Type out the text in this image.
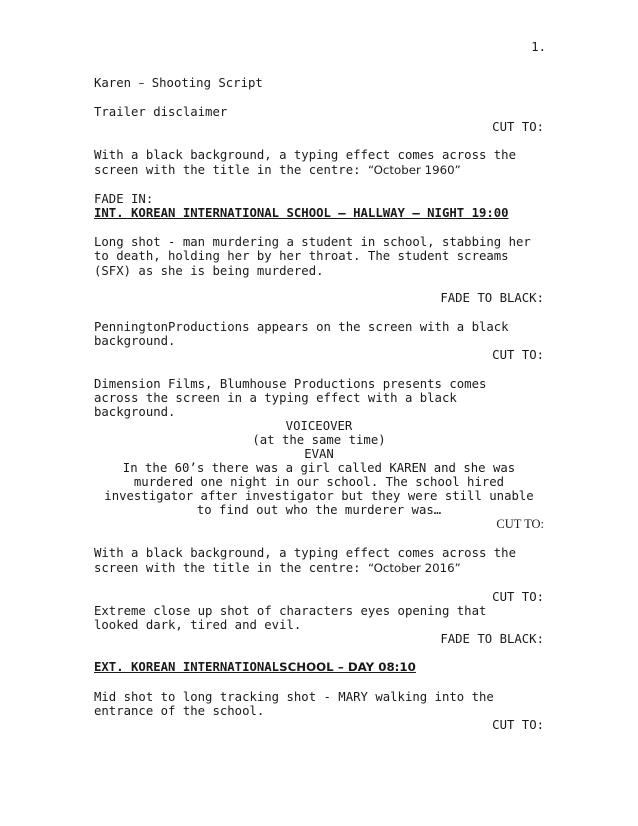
1.
Karen – Shooting Script
Trailer disclaimer
CUT TO:
With a black background, a typing effect comes across the
screen with the title in the centre: “October 1960”
FADE IN:
INT. KOREAN INTERNATIONAL SCHOOL – HALLWAY – NIGHT 19:00
Long shot - man murdering a student in school, stabbing her
to death, holding her by her throat. The student screams
(SFX) as she is being murdered.
FADE TO BLACK:
PenningtonProductions appears on the screen with a black
background.
CUT TO:
Dimension Films, Blumhouse Productions presents comes
across the screen in a typing effect with a black
background.
VOICEOVER
(at the same time)
EVAN
In the 60’s there was a girl called KAREN and she was
murdered one night in our school. The school hired
investigator after investigator but they were still unable
to find out who the murderer was…
CUT TO:
With a black background, a typing effect comes across the
screen with the title in the centre: “October 2016”
CUT TO:
Extreme close up shot of characters eyes opening that
looked dark, tired and evil.
FADE TO BLACK:
EXT. KOREAN INTERNATIONALSCHOOL – DAY 08:10
Mid shot to long tracking shot - MARY walking into the
entrance of the school.
CUT TO:
